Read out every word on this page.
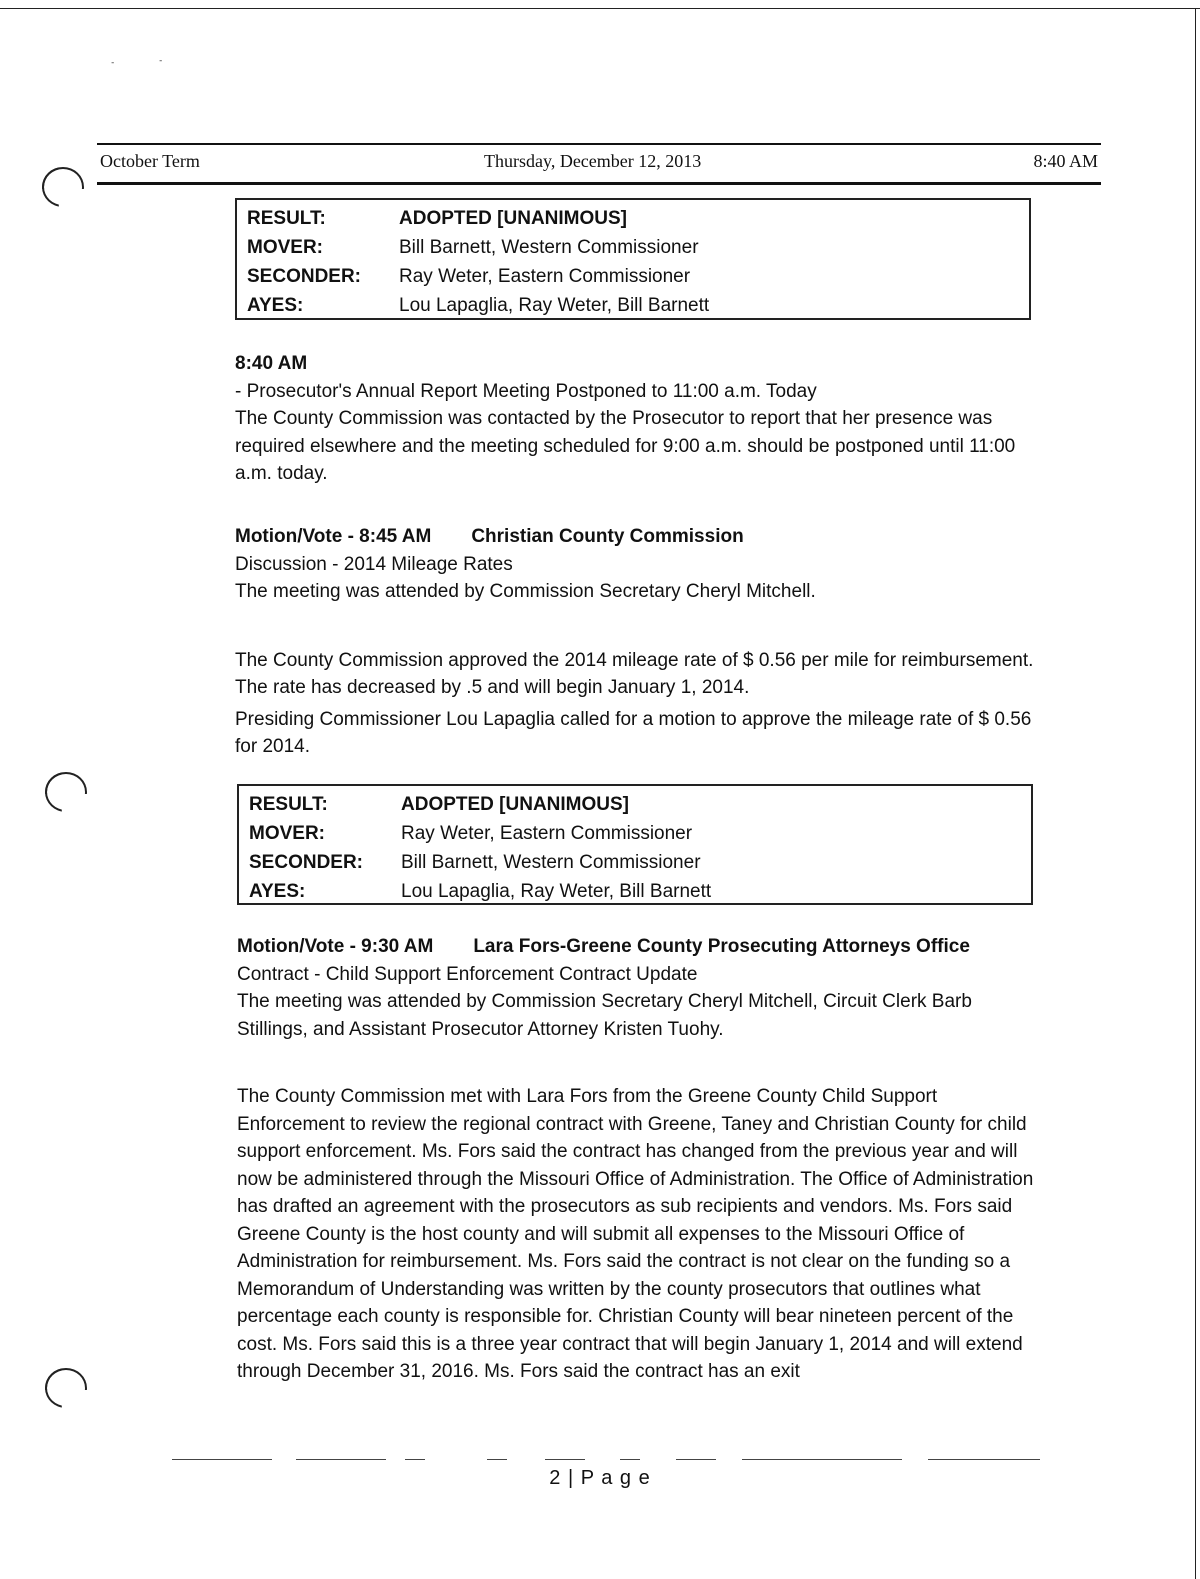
-	-
October Term	Thursday, December 12, 2013	8:40 AM
RESULT:	ADOPTED [UNANIMOUS]
MOVER:	Bill Barnett, Western Commissioner
SECONDER: Ray Weter, Eastern Commissioner
AYES:	Lou Lapaglia, Ray Weter, Bill Barnett

8:40 AM

- Prosecutor's Annual Report Meeting Postponed to 11:00 a.m. Today

The County Commission was contacted by the Prosecutor to report that her presence was required elsewhere and the meeting scheduled for 9:00 a.m. should be postponed until 11:00 a.m. today.

Motion/Vote - 8:45 AM Christian County Commission

Discussion - 2014 Mileage Rates

The meeting was attended by Commission Secretary Cheryl Mitchell.

The County Commission approved the 2014 mileage rate of $ 0.56 per mile for reimbursement. The rate has decreased by .5 and will begin January 1, 2014.

Presiding Commissioner Lou Lapaglia called for a motion to approve the mileage rate of $ 0.56 for 2014.

RESULT:	ADOPTED [UNANIMOUS]
MOVER:	Ray Weter, Eastern Commissioner
SECONDER: Bill Barnett, Western Commissioner
AYES:	Lou Lapaglia, Ray Weter, Bill Barnett

Motion/Vote - 9:30 AM Lara Fors-Greene County Prosecuting Attorneys Office

Contract - Child Support Enforcement Contract Update

The meeting was attended by Commission Secretary Cheryl Mitchell, Circuit Clerk Barb Stillings, and Assistant Prosecutor Attorney Kristen Tuohy.

The County Commission met with Lara Fors from the Greene County Child Support Enforcement to review the regional contract with Greene, Taney and Christian County for child support enforcement. Ms. Fors said the contract has changed from the previous year and will now be administered through the Missouri Office of Administration. The Office of Administration has drafted an agreement with the prosecutors as sub recipients and vendors. Ms. Fors said Greene County is the host county and will submit all expenses to the Missouri Office of Administration for reimbursement. Ms. Fors said the contract is not clear on the funding so a Memorandum of Understanding was written by the county prosecutors that outlines what percentage each county is responsible for. Christian County will bear nineteen percent of the cost. Ms. Fors said this is a three year contract that will begin January 1, 2014 and will extend through December 31, 2016. Ms. Fors said the contract has an exit

2 | P a g e
